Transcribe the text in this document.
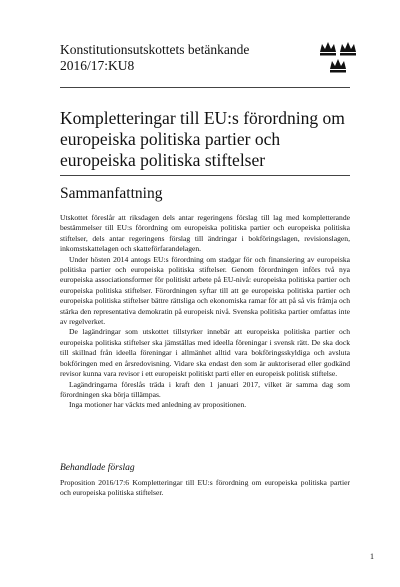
Konstitutionsutskottets betänkande
2016/17:KU8
Kompletteringar till EU:s förordning om europeiska politiska partier och europeiska politiska stiftelser
Sammanfattning

Utskottet föreslår att riksdagen dels antar regeringens förslag till lag med kompletterande bestämmelser till EU:s förordning om europeiska politiska partier och europeiska politiska stiftelser, dels antar regeringens förslag till ändringar i bokföringslagen, revisionslagen, inkomstskattelagen och skatteförfarandelagen.

Under hösten 2014 antogs EU:s förordning om stadgar för och finansiering av europeiska politiska partier och europeiska politiska stiftelser. Genom förordningen införs två nya europeiska associationsformer för politiskt arbete på EU-nivå: europeiska politiska partier och europeiska politiska stiftelser. Förordningen syftar till att ge europeiska politiska partier och europeiska politiska stiftelser bättre rättsliga och ekonomiska ramar för att på så vis främja och stärka den representativa demokratin på europeisk nivå. Svenska politiska partier omfattas inte av regelverket.

De lagändringar som utskottet tillstyrker innebär att europeiska politiska partier och europeiska politiska stiftelser ska jämställas med ideella föreningar i svensk rätt. De ska dock till skillnad från ideella föreningar i allmänhet alltid vara bokföringsskyldiga och avsluta bokföringen med en årsredovisning. Vidare ska endast den som är auktoriserad eller godkänd revisor kunna vara revisor i ett europeiskt politiskt parti eller en europeisk politisk stiftelse.

Lagändringarna föreslås träda i kraft den 1 januari 2017, vilket är samma dag som förordningen ska börja tillämpas.

Inga motioner har väckts med anledning av propositionen.

Behandlade förslag

Proposition 2016/17:6 Kompletteringar till EU:s förordning om europeiska politiska partier och europeiska politiska stiftelser.

1
